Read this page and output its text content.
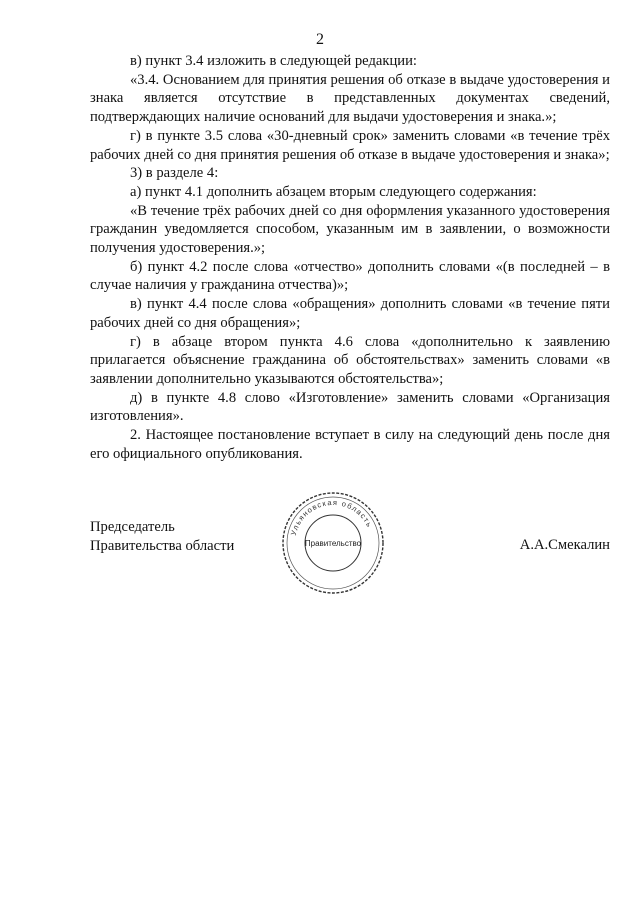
2

в) пункт 3.4 изложить в следующей редакции:

«3.4. Основанием для принятия решения об отказе в выдаче удостоверения и знака является отсутствие в представленных документах сведений, подтверждающих наличие оснований для выдачи удостоверения и знака.»;

г) в пункте 3.5 слова «30-дневный срок» заменить словами «в течение трёх рабочих дней со дня принятия решения об отказе в выдаче удостоверения и знака»;

3) в разделе 4:

а) пункт 4.1 дополнить абзацем вторым следующего содержания:

«В течение трёх рабочих дней со дня оформления указанного удостоверения гражданин уведомляется способом, указанным им в заявлении, о возможности получения удостоверения.»;

б) пункт 4.2 после слова «отчество» дополнить словами «(в последней – в случае наличия у гражданина отчества)»;

в) пункт 4.4 после слова «обращения» дополнить словами «в течение пяти рабочих дней со дня обращения»;

г) в абзаце втором пункта 4.6 слова «дополнительно к заявлению прилагается объяснение гражданина об обстоятельствах» заменить словами «в заявлении дополнительно указываются обстоятельства»;

д) в пункте 4.8 слово «Изготовление» заменить словами «Организация изготовления».

2. Настоящее постановление вступает в силу на следующий день после дня его официального опубликования.

Председатель
Правительства области
Ульяновская область
Правительство	А.А.Смекалин
